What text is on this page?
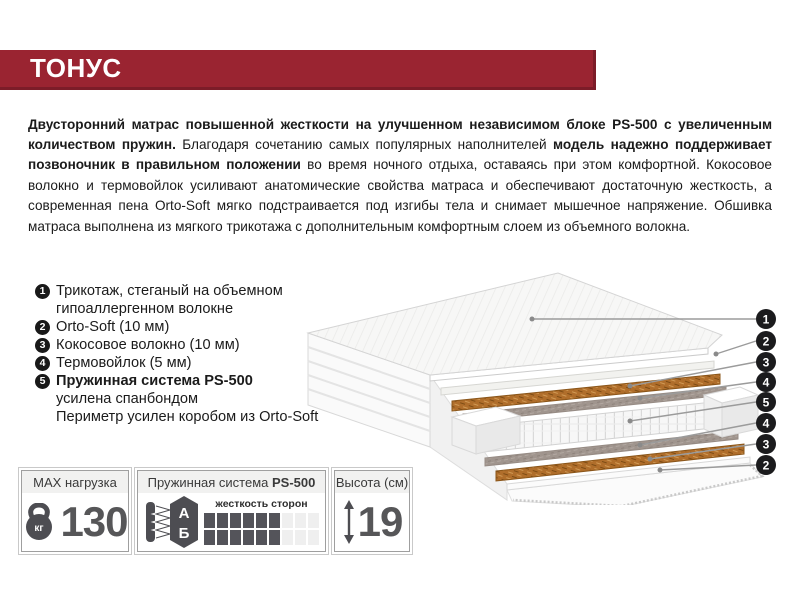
ТОНУС

Двусторонний матрас повышенной жесткости на улучшенном независимом блоке PS-500 с увеличенным количеством пружин. Благодаря сочетанию самых популярных наполнителей модель надежно поддерживает позвоночник в правильном положении во время ночного отдыха, оставаясь при этом комфортной. Кокосовое волокно и термовойлок усиливают анатомические свойства матраса и обеспечивают достаточную жесткость, а современная пена Orto-Soft мягко подстраивается под изгибы тела и снимает мышечное напряжение. Обшивка матраса выполнена из мягкого трикотажа с дополнительным комфортным слоем из объемного волокна.

1 Трикотаж, стеганый на объемном
гипоаллергенном волокне
2 Orto-Soft (10 мм)
3 Кокосовое волокно (10 мм)
4 Термовойлок (5 мм)
5 Пружинная система PS-500
усилена спанбондом
Периметр усилен коробом из Orto-Soft
1
2
3
4
5
4
3
2
MAX нагрузка
кг 130
Пружинная система PS-500
А
Б
жесткость сторон
Высота (см)
19
